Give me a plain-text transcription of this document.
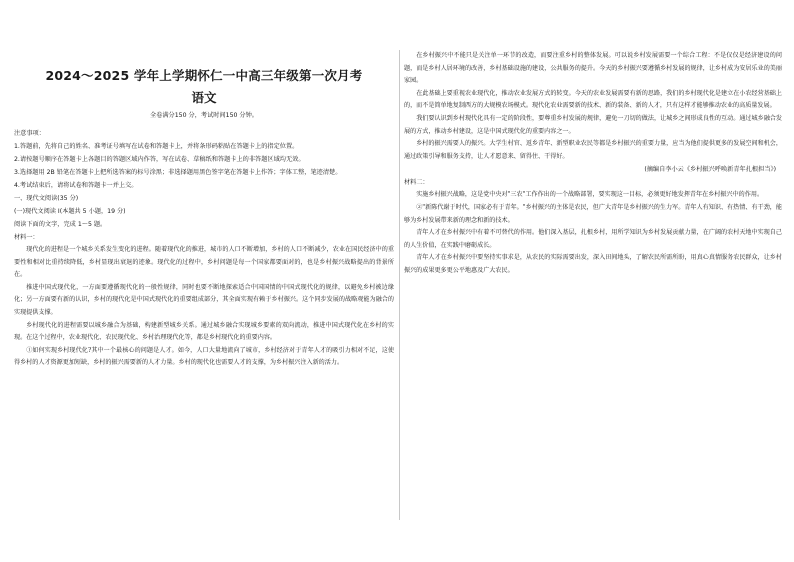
2024～2025 学年上学期怀仁一中高三年级第一次月考
语文
全卷满分150 分，考试时间150 分钟。
注意事项：
1.答题前，先将自己的姓名、准考证号填写在试卷和答题卡上，并将条形码粘贴在答题卡上的指定位置。
2.请按题号顺序在答题卡上各题目的答题区域内作答，写在试卷、草稿纸和答题卡上的非答题区域均无效。
3.选择题用 2B 铅笔在答题卡上把所选答案的标号涂黑；非选择题用黑色签字笔在答题卡上作答；字体工整，笔迹清楚。
4.考试结束后，请将试卷和答题卡一并上交。
一、现代文阅读(35 分)
(一)现代文阅读 I(本题共 5 小题，19 分)
阅读下面的文字，完成 1～5 题。
材料一：

现代化的进程是一个城乡关系发生变化的进程。随着现代化的推进，城市的人口不断增加，乡村的人口不断减少，农业在国民经济中的重要性和相对比重持续降低，乡村显现出衰退的迹象。现代化的过程中，乡村问题是每一个国家都要面对的，也是乡村振兴战略提出的背景所在。

推进中国式现代化，一方面要遵循现代化的一般性规律，同时也要不断地探索适合中国国情的中国式现代化的规律，以避免乡村被边缘化；另一方面要有新的认识，乡村的现代化是中国式现代化的重要组成部分，其全面实现有赖于乡村振兴。这个同步发展的战略观能为融合的实现提供支撑。

乡村现代化的进程需要以城乡融合为基础，构建新型城乡关系。通过城乡融合实现城乡要素的双向流动，推进中国式现代化在乡村的实现。在这个过程中，农业现代化、农民现代化、乡村治理现代化等，都是乡村现代化的重要内容。

①如何实现乡村现代化?其中一个最核心的问题是人才。如今，人口大量地流向了城市，乡村经济对于青年人才的吸引力相对不足，这使得乡村的人才资源更加短缺，乡村的振兴需要新的人才力量。乡村的现代化也需要人才的支撑，为乡村振兴注入新的活力。

在乡村振兴中不能只是关注单一环节的改造，而要注重乡村的整体发展。可以说乡村发展需要一个综合工程：不是仅仅是经济建设的问题，而是乡村人居环境的改善，乡村基础设施的建设，公共服务的提升。今天的乡村振兴要遵循乡村发展的规律，让乡村成为安居乐业的美丽家园。

在此基础上要重视农业现代化，推动农业发展方式的转变。今天的农业发展需要有新的思路，我们的乡村现代化是建立在小农经营基础上的，而不是简单地复制西方的大规模农场模式。现代化农业需要新的技术、新的装备、新的人才，只有这样才能够推动农业的高质量发展。

我们要认识到乡村现代化具有一定的阶段性，要尊重乡村发展的规律，避免一刀切的做法，让城乡之间形成良性的互动。通过城乡融合发展的方式，推动乡村建设，这是中国式现代化的重要内容之一。

乡村的振兴需要人的振兴。大学生村官、返乡青年、新型职业农民等都是乡村振兴的重要力量，应当为他们提供更多的发展空间和机会，通过政策引导和服务支持，让人才愿意来、留得住、干得好。

(摘编自李小云《乡村振兴呼唤新青年扎根担当》)
材料二：

实施乡村振兴战略，这是党中央对"三农"工作作出的一个战略部署，要实现这一目标，必须更好地发挥青年在乡村振兴中的作用。

②"新陈代谢于时代，国家必有于青年。"乡村振兴的主体是农民，但广大青年是乡村振兴的生力军。青年人有知识、有热情、有干劲，能够为乡村发展带来新的理念和新的技术。

青年人才在乡村振兴中有着不可替代的作用。他们深入基层，扎根乡村，用所学知识为乡村发展贡献力量，在广阔的农村天地中实现自己的人生价值，在实践中磨砺成长。

青年人才在乡村振兴中要坚持实事求是，从农民的实际需要出发，深入田间地头，了解农民所需所盼，用真心真情服务农民群众，让乡村振兴的成果更多更公平地惠及广大农民。
